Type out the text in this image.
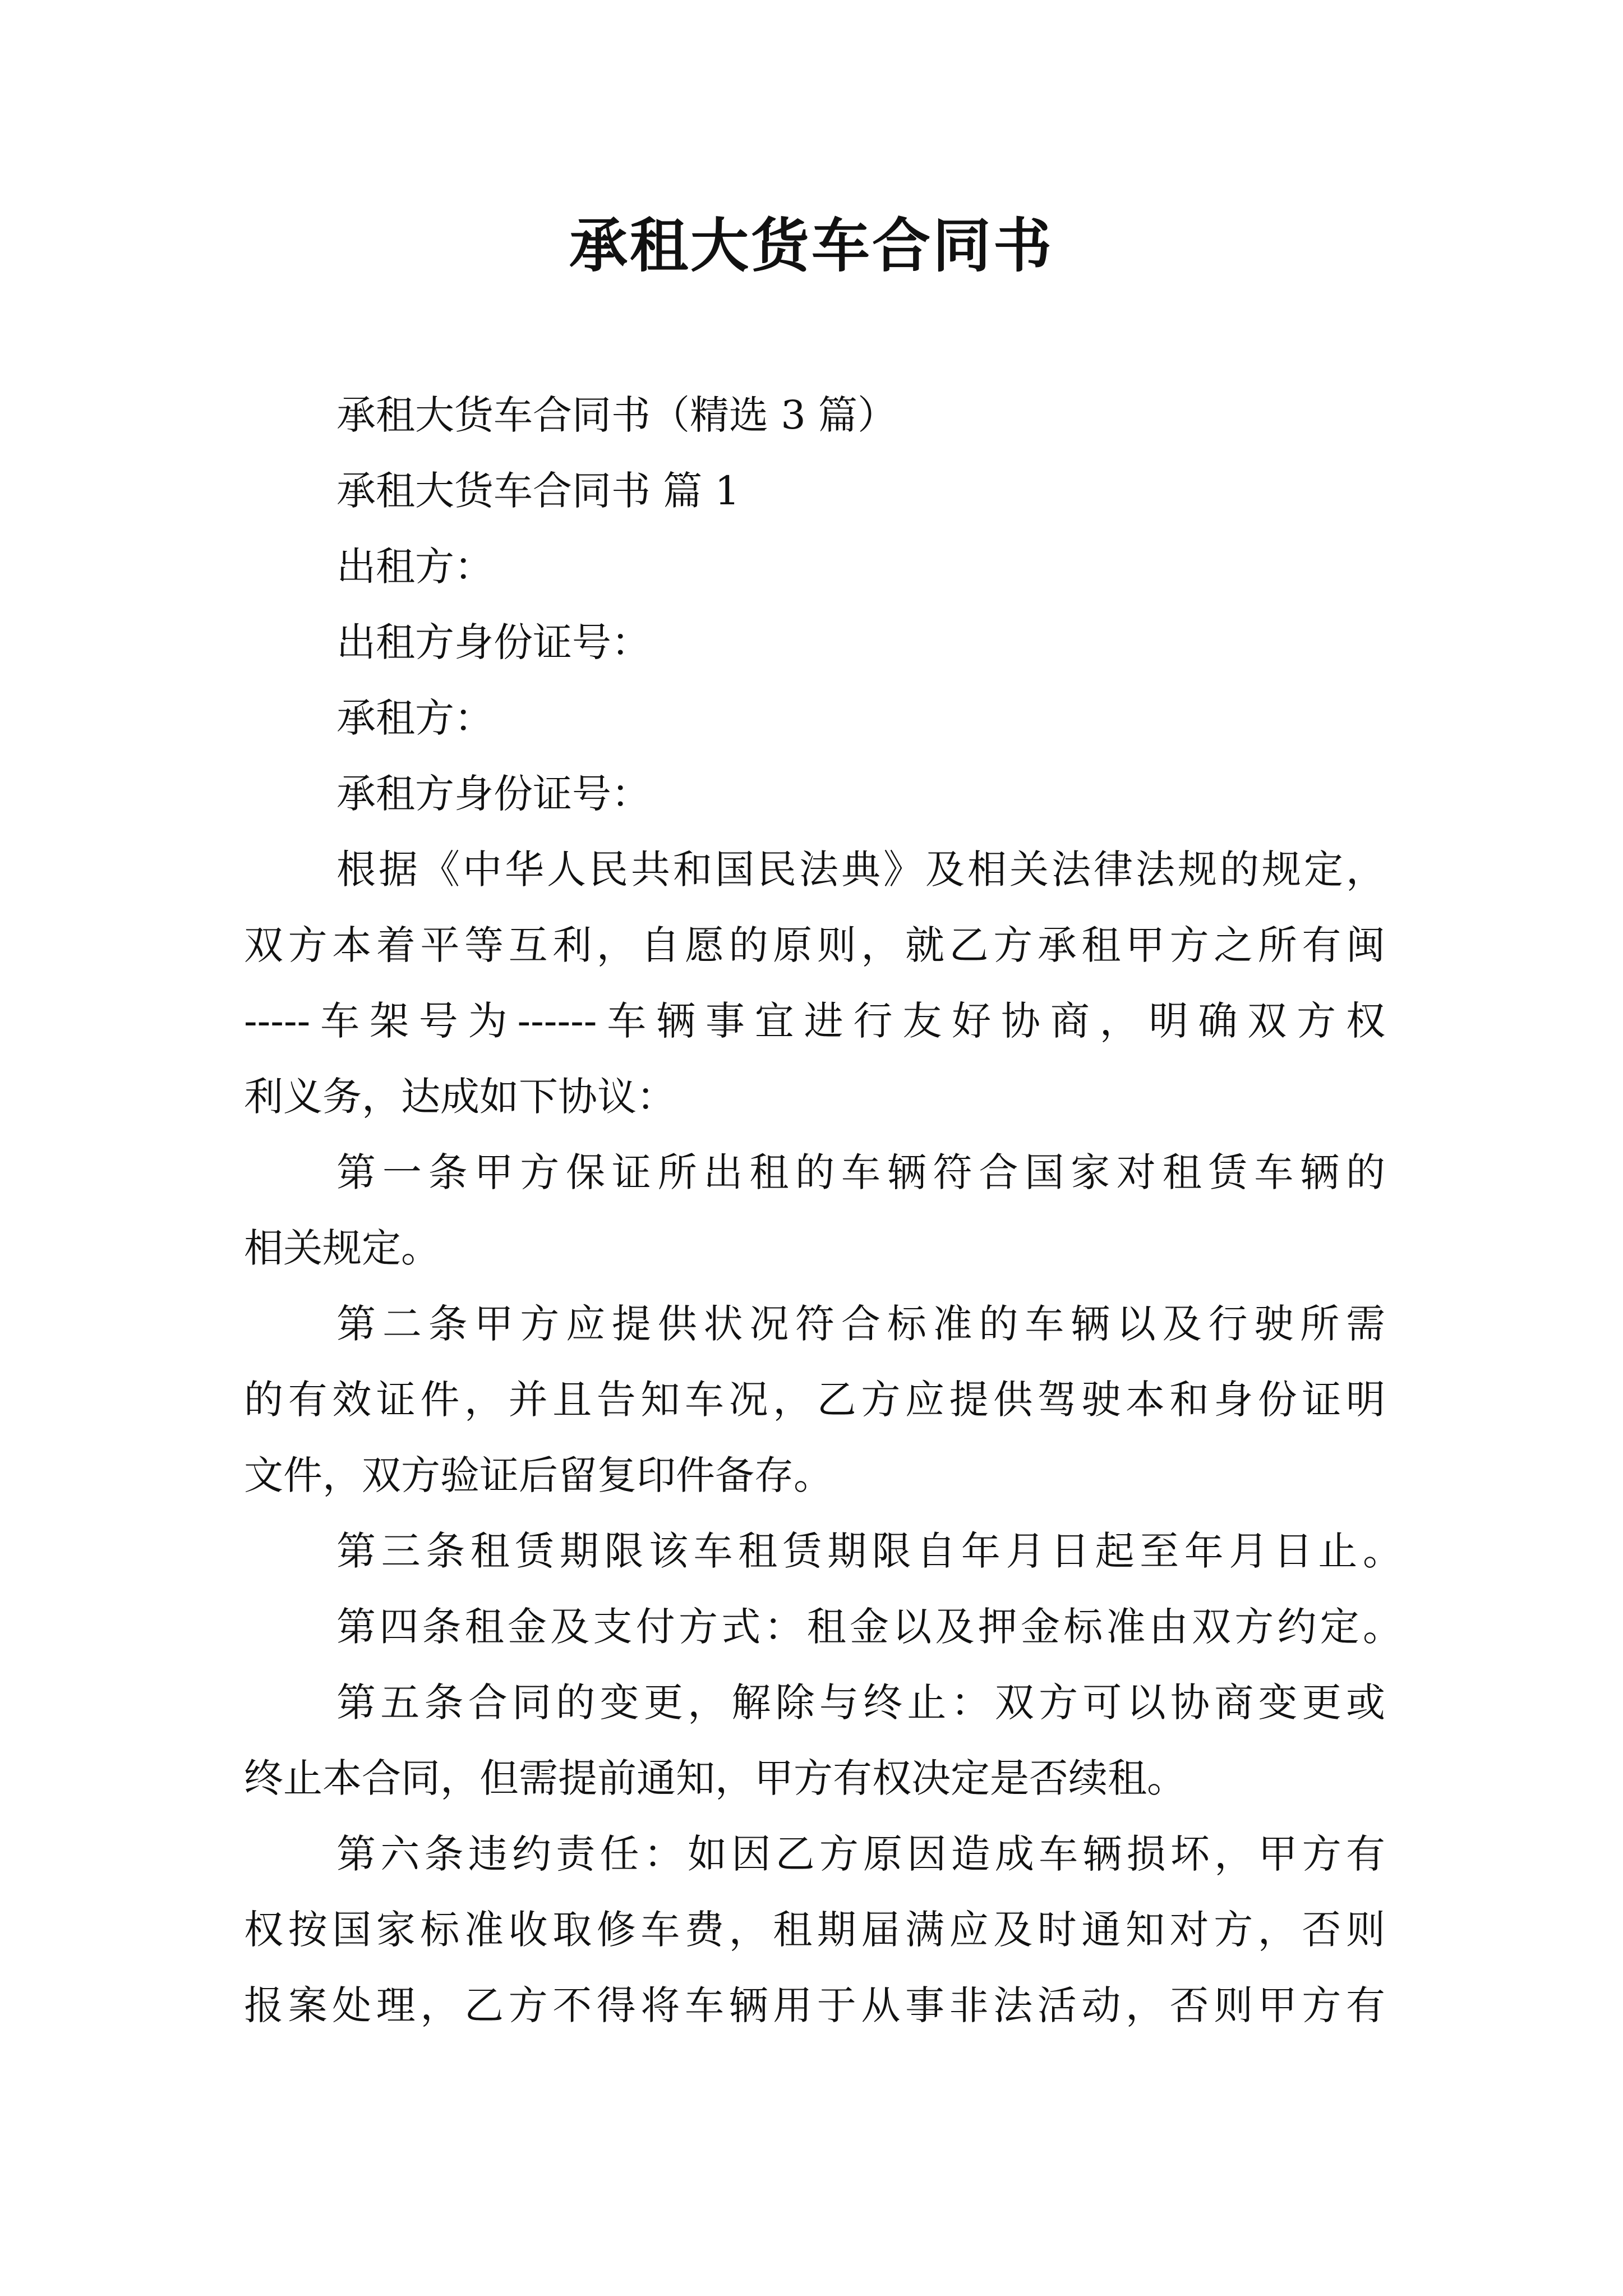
承租大货车合同书

承租大货车合同书（精选 3 篇）

承租大货车合同书 篇 1

出租方：

出租方身份证号：

承租方：

承租方身份证号：

根据《中华人民共和国民法典》及相关法律法规的规定，

双方本着平等互利，自愿的原则，就乙方承租甲方之所有闽

-----车架号为------车辆事宜进行友好协商，明确双方权

利义务，达成如下协议：

第一条甲方保证所出租的车辆符合国家对租赁车辆的

相关规定。

第二条甲方应提供状况符合标准的车辆以及行驶所需

的有效证件，并且告知车况，乙方应提供驾驶本和身份证明

文件，双方验证后留复印件备存。

第三条租赁期限该车租赁期限自年月日起至年月日止。

第四条租金及支付方式：租金以及押金标准由双方约定。

第五条合同的变更，解除与终止：双方可以协商变更或

终止本合同，但需提前通知，甲方有权决定是否续租。

第六条违约责任：如因乙方原因造成车辆损坏，甲方有

权按国家标准收取修车费，租期届满应及时通知对方，否则

报案处理，乙方不得将车辆用于从事非法活动，否则甲方有
